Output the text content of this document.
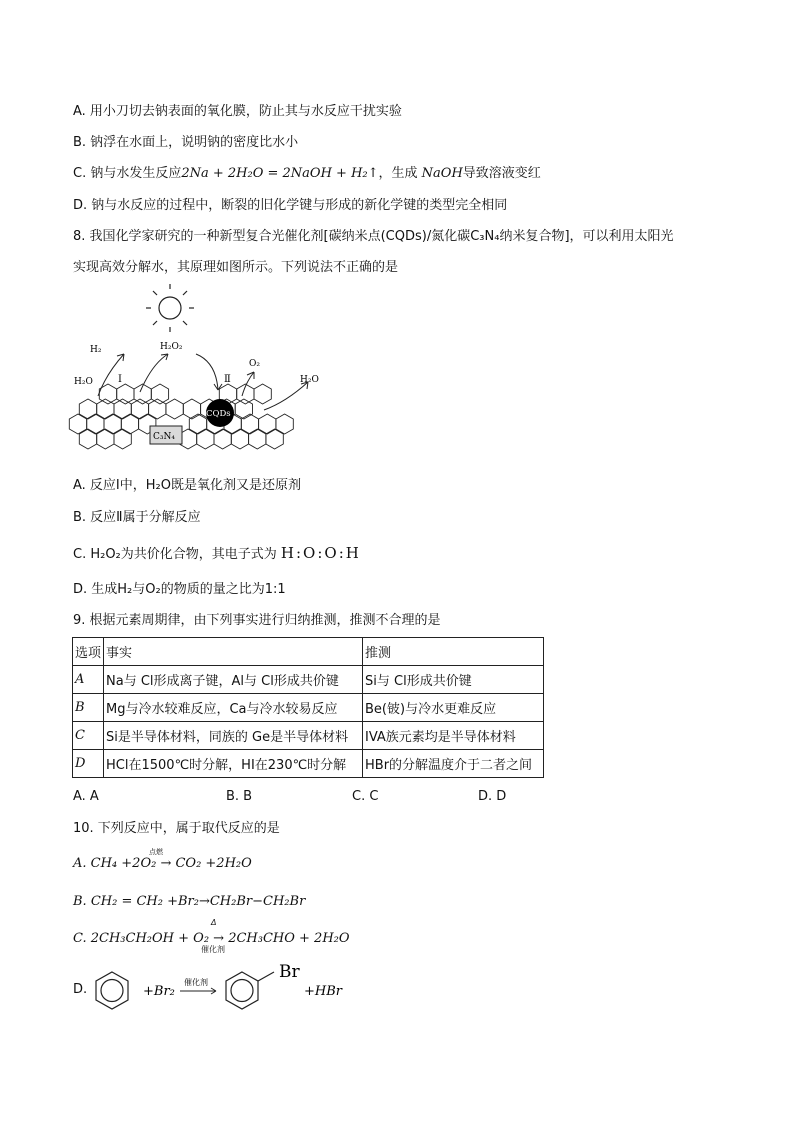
A. 用小刀切去钠表面的氧化膜，防止其与水反应干扰实验
B. 钠浮在水面上，说明钠的密度比水小
C. 钠与水发生反应2Na + 2H₂O = 2NaOH + H₂↑，生成 NaOH导致溶液变红
D. 钠与水反应的过程中，断裂的旧化学键与形成的新化学键的类型完全相同
8. 我国化学家研究的一种新型复合光催化剂[碳纳米点(CQDs)/氮化碳C₃N₄纳米复合物]，可以利用太阳光
实现高效分解水，其原理如图所示。下列说法不正确的是
H₂	H₂O₂
O₂
H₂O	H₂O
Ⅰ	Ⅱ
C₃N₄
CQDs
A. 反应I中，H₂O既是氧化剂又是还原剂
B. 反应Ⅱ属于分解反应
C. H₂O₂为共价化合物，其电子式为 H:O:O:H
D. 生成H₂与O₂的物质的量之比为1:1
9. 根据元素周期律，由下列事实进行归纳推测，推测不合理的是
选项	事实	推测
A	Na与 Cl形成离子键，Al与 Cl形成共价键	Si与 Cl形成共价键
B	Mg与冷水较难反应，Ca与冷水较易反应	Be(铍)与冷水更难反应
C	Si是半导体材料，同族的 Ge是半导体材料	IVA族元素均是半导体材料
D	HCl在1500℃时分解，HI在230℃时分解	HBr的分解温度介于二者之间
A. A	B. B	C. C	D. D
10. 下列反应中，属于取代反应的是
A. CH₄ +2O₂ → CO₂ +2H₂O
点燃
B. CH₂ = CH₂ +Br₂→CH₂Br−CH₂Br
C. 2CH₃CH₂OH + O₂ → 2CH₃CHO + 2H₂O
Δ
催化剂
D.	+Br₂
催化剂
Br
+HBr
